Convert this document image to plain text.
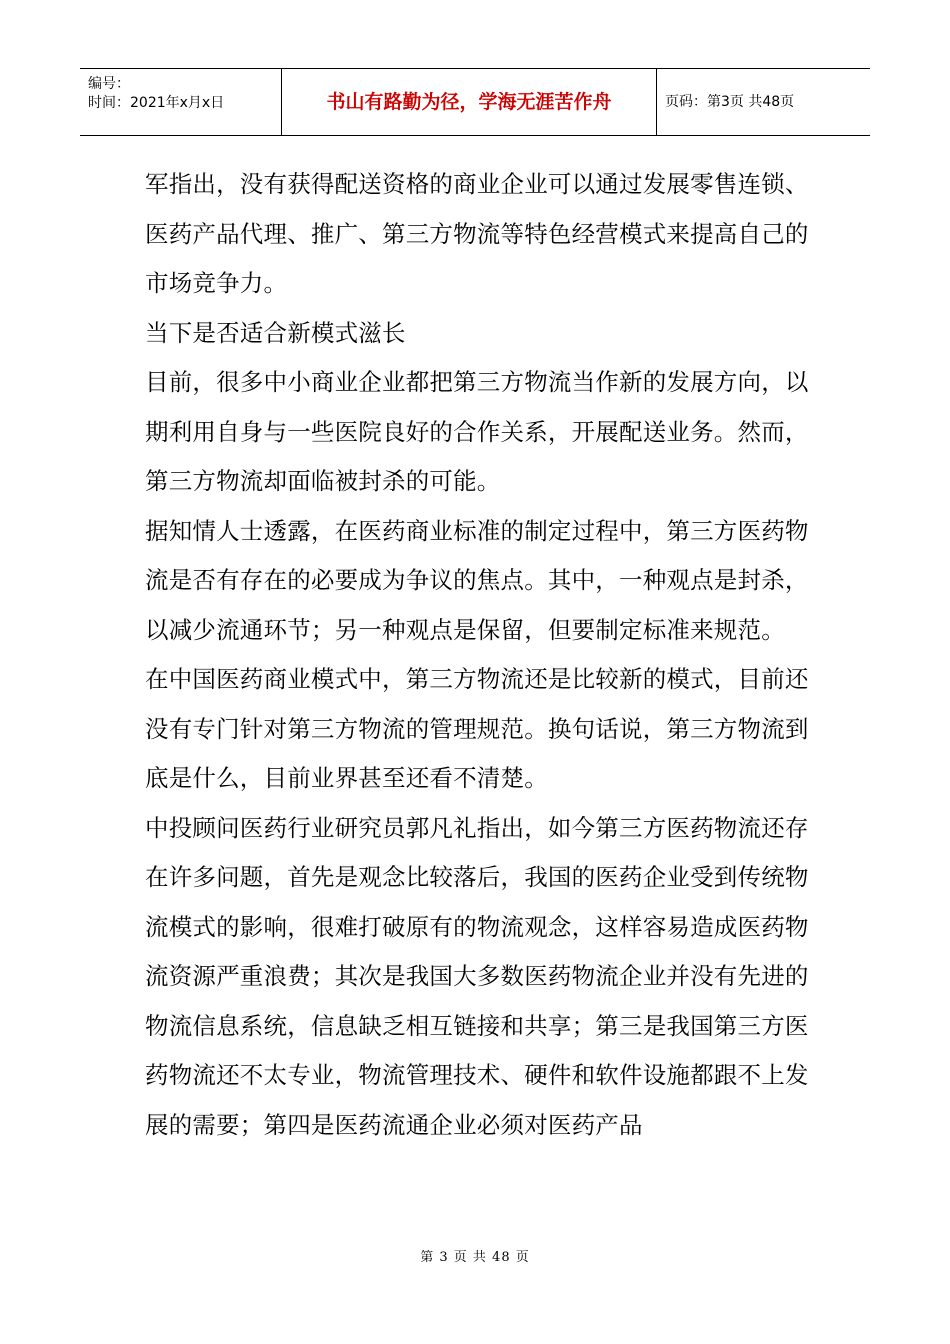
编号：
时间：2021年x月x日	书山有路勤为径，学海无涯苦作舟	页码：第3页 共48页

军指出，没有获得配送资格的商业企业可以通过发展零售连锁、医药产品代理、推广、第三方物流等特色经营模式来提高自己的市场竞争力。

当下是否适合新模式滋长

目前，很多中小商业企业都把第三方物流当作新的发展方向，以期利用自身与一些医院良好的合作关系，开展配送业务。然而，第三方物流却面临被封杀的可能。

据知情人士透露，在医药商业标准的制定过程中，第三方医药物流是否有存在的必要成为争议的焦点。其中，一种观点是封杀，以减少流通环节；另一种观点是保留，但要制定标准来规范。

在中国医药商业模式中，第三方物流还是比较新的模式，目前还没有专门针对第三方物流的管理规范。换句话说，第三方物流到底是什么，目前业界甚至还看不清楚。

中投顾问医药行业研究员郭凡礼指出，如今第三方医药物流还存在许多问题，首先是观念比较落后，我国的医药企业受到传统物流模式的影响，很难打破原有的物流观念，这样容易造成医药物流资源严重浪费；其次是我国大多数医药物流企业并没有先进的物流信息系统，信息缺乏相互链接和共享；第三是我国第三方医药物流还不太专业，物流管理技术、硬件和软件设施都跟不上发展的需要；第四是医药流通企业必须对医药产品

第 3 页 共 48 页
